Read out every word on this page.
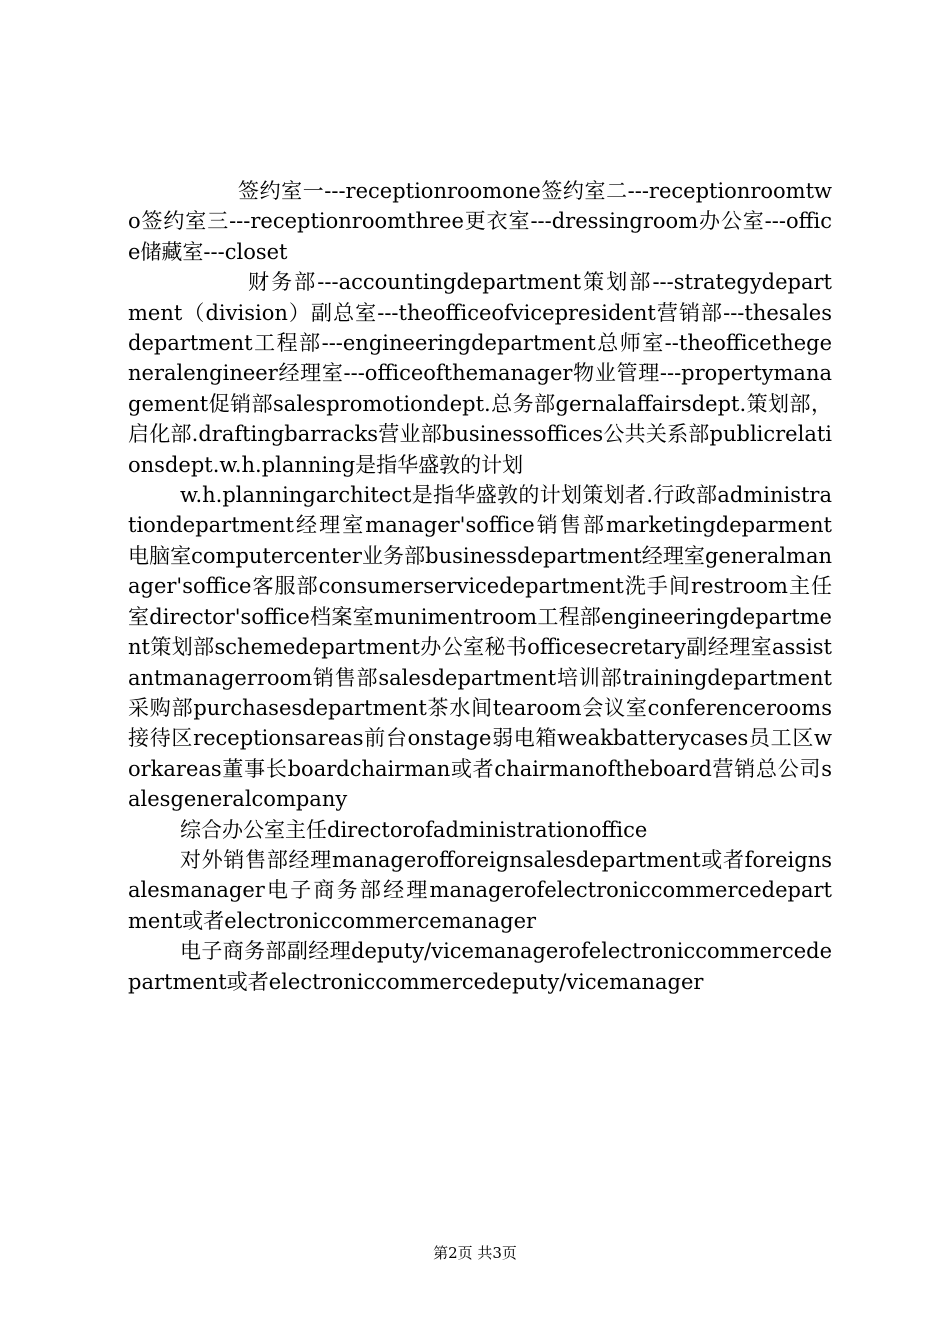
签约室一---receptionroomone签约室二---receptionroomtwo签约室三---receptionroomthree更衣室---dressingroom办公室---office储藏室---closet

财务部---accountingdepartment策划部---strategydepartment（division）副总室---theofficeofvicepresident营销部---thesalesdepartment工程部---engineeringdepartment总师室--theofficethegeneralengineer经理室---officeofthemanager物业管理---propertymanagement促销部salespromotiondept.总务部gernalaffairsdept.策划部，启化部.draftingbarracks营业部businessoffices公共关系部publicrelationsdept.w.h.planning是指华盛敦的计划

w.h.planningarchitect是指华盛敦的计划策划者.行政部administrationdepartment经理室manager'soffice销售部marketingdeparment电脑室computercenter业务部businessdepartment经理室generalmanager'soffice客服部consumerservicedepartment洗手间restroom主任室director'soffice档案室munimentroom工程部engineeringdepartment策划部schemedepartment办公室秘书officesecretary副经理室assistantmanagerroom销售部salesdepartment培训部trainingdepartment采购部purchasesdepartment茶水间tearoom会议室conferencerooms接待区receptionsareas前台onstage弱电箱weakbatterycases员工区workareas董事长boardchairman或者chairmanoftheboard营销总公司salesgeneralcompany

综合办公室主任directorofadministrationoffice

对外销售部经理managerofforeignsalesdepartment或者foreignsalesmanager电子商务部经理managerofelectroniccommercedepartment或者electroniccommercemanager

电子商务部副经理deputy/vicemanagerofelectroniccommercedepartment或者electroniccommercedeputy/vicemanager

第2页 共3页
